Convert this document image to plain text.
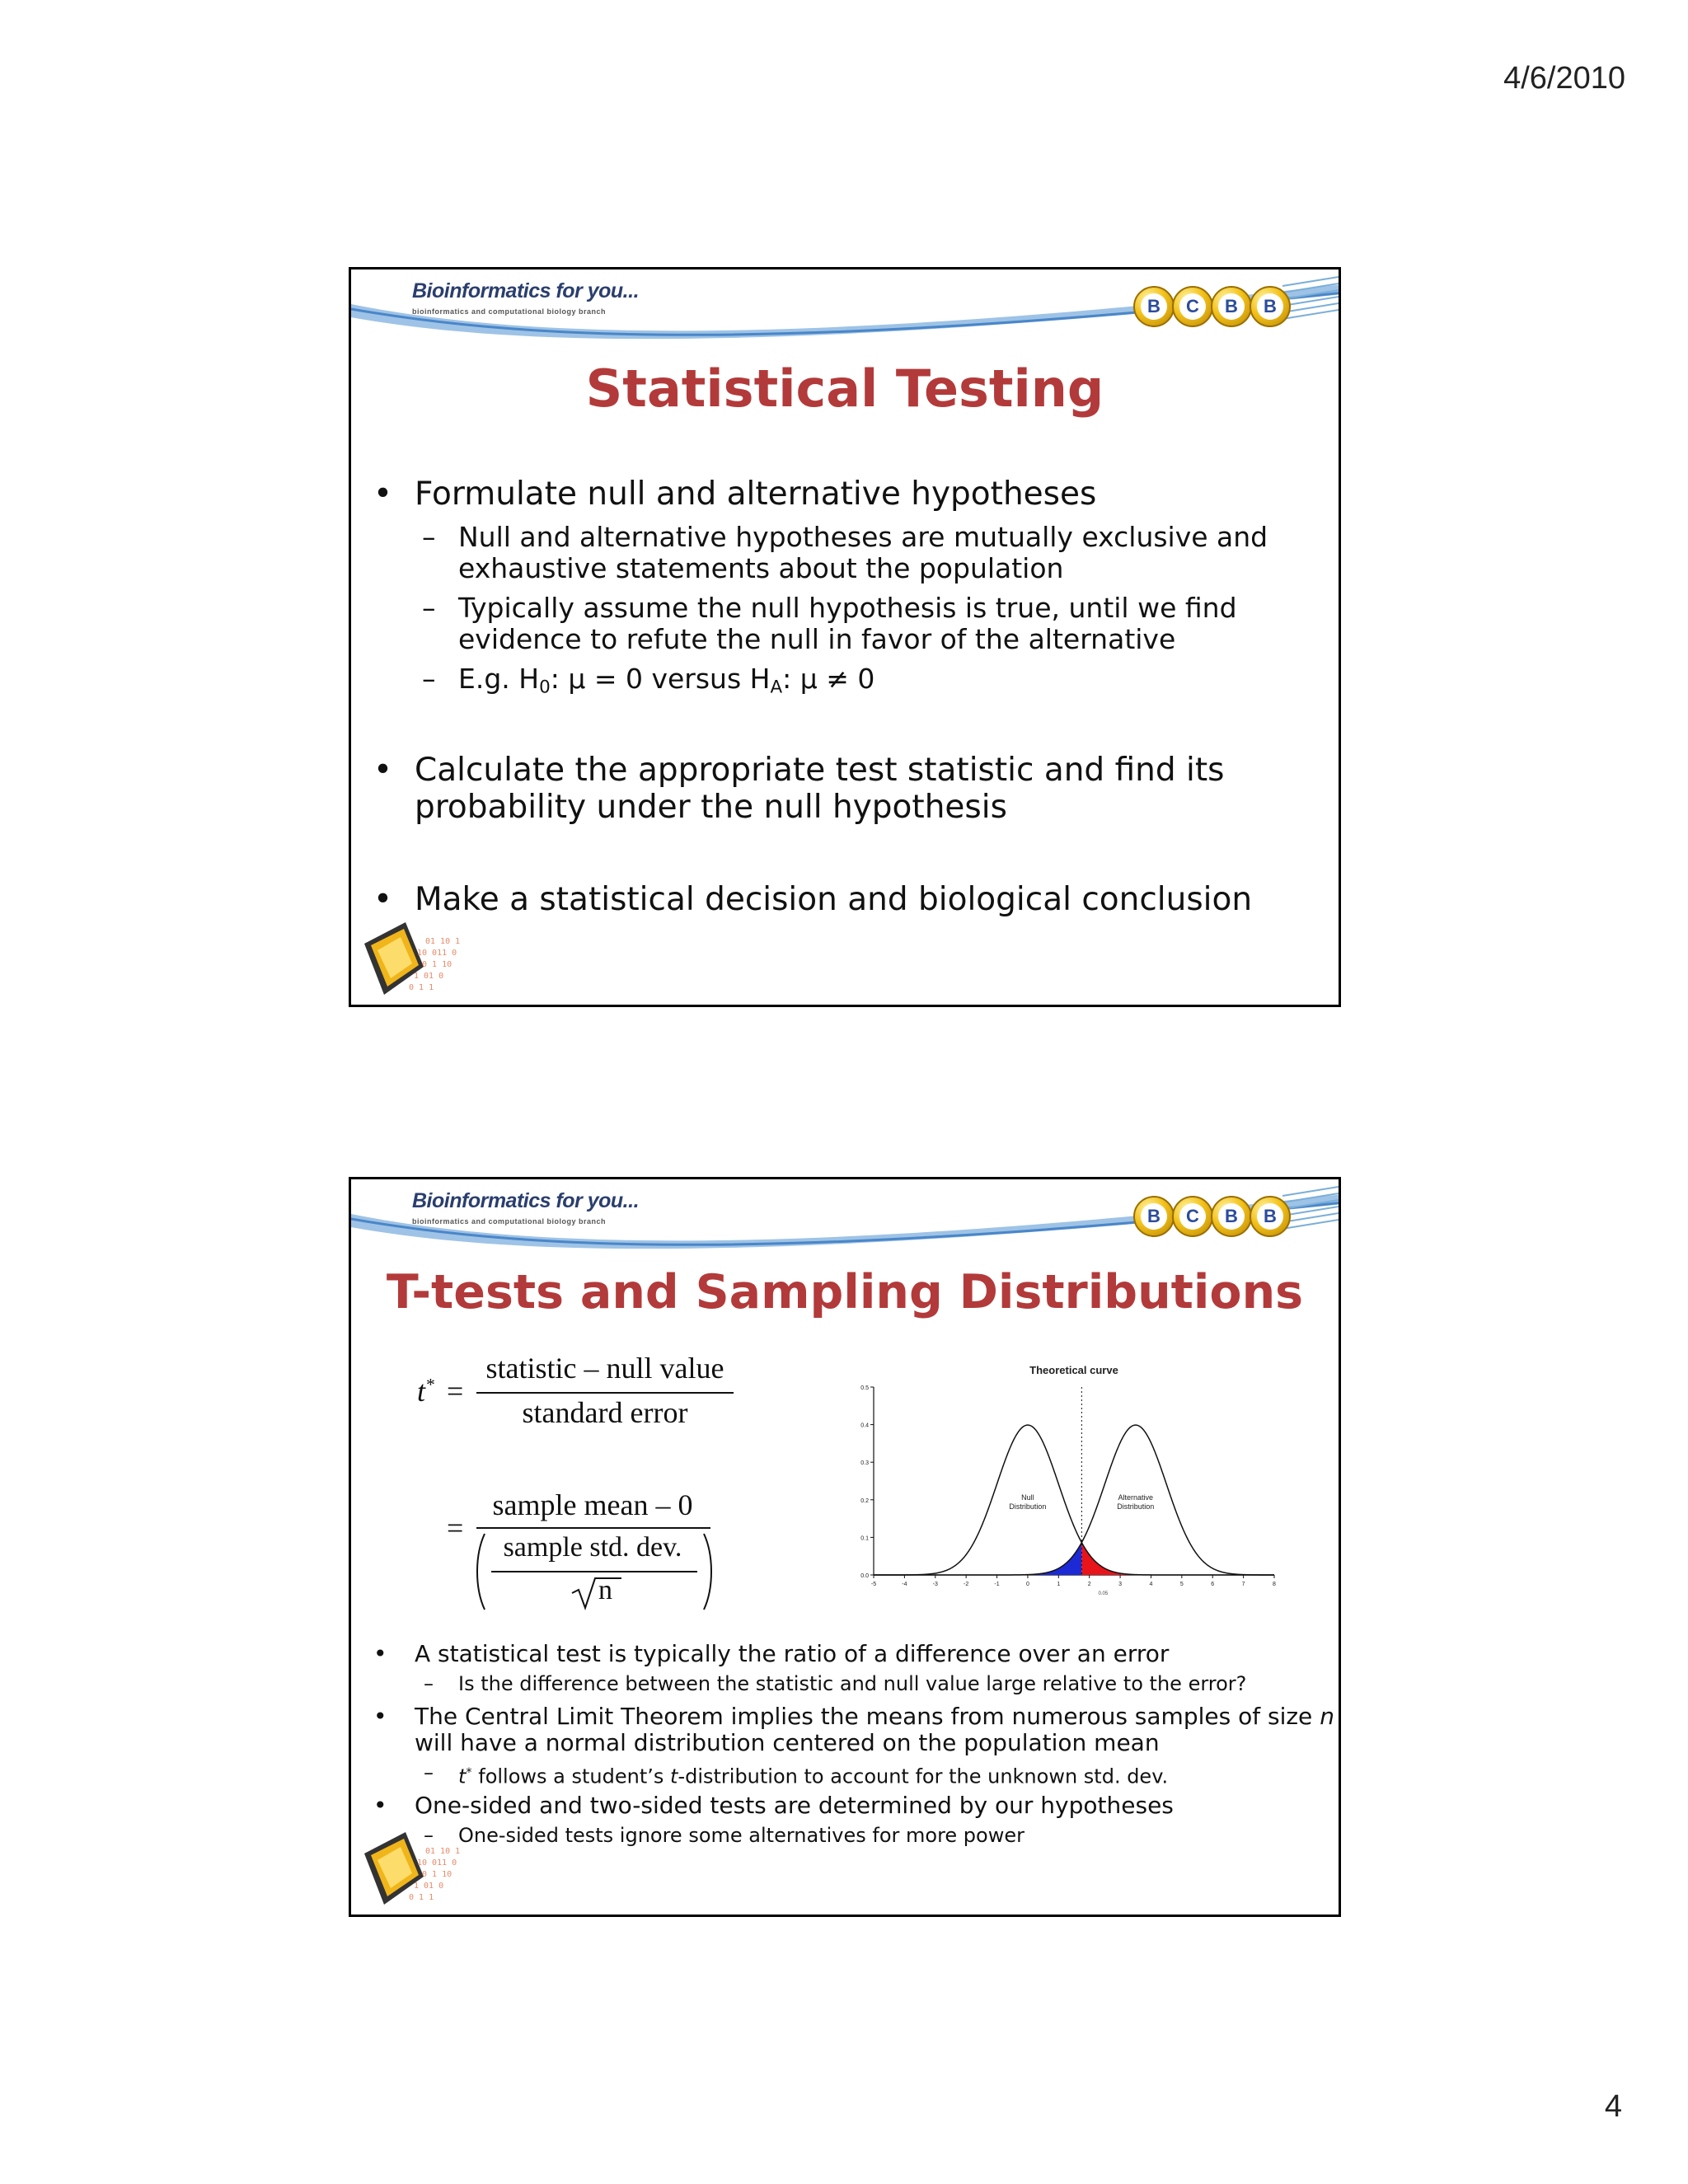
4/6/2010
4
Bioinformatics for you...
bioinformatics and computational biology branch	B	C	B	B
Statistical Testing
• Formulate null and alternative hypotheses
– Null and alternative hypotheses are mutually exclusive and
exhaustive statements about the population
– Typically assume the null hypothesis is true, until we find
evidence to refute the null in favor of the alternative
– E.g. $H_0$: µ = 0 versus $H_A$: µ ≠ 0
• Calculate the appropriate test statistic and find its
probability under the null hypothesis
• Make a statistical decision and biological conclusion
01 10 1
10 011 0
0 1 10
1 01 0
0 1 1
Bioinformatics for you...
bioinformatics and computational biology branch	B	C	B	B
T-tests and Sampling Distributions
t* =
statistic – null value
standard error
=
sample mean – 0
sample std. dev.
n
Theoretical curve
0.0
0.1
0.2
0.3
0.4
0.5
-5	-4	-3	-2	-1	0	1	2	3	4	5	6	7	8
Null
Distribution
Alternative
Distribution
0.05
• A statistical test is typically the ratio of a difference over an error
– Is the difference between the statistic and null value large relative to the error?
• The Central Limit Theorem implies the means from numerous samples of size n
will have a normal distribution centered on the population mean
– t* follows a student’s t-distribution to account for the unknown std. dev.
• One-sided and two-sided tests are determined by our hypotheses
– One-sided tests ignore some alternatives for more power
01 10 1
10 011 0
0 1 10
1 01 0
0 1 1
